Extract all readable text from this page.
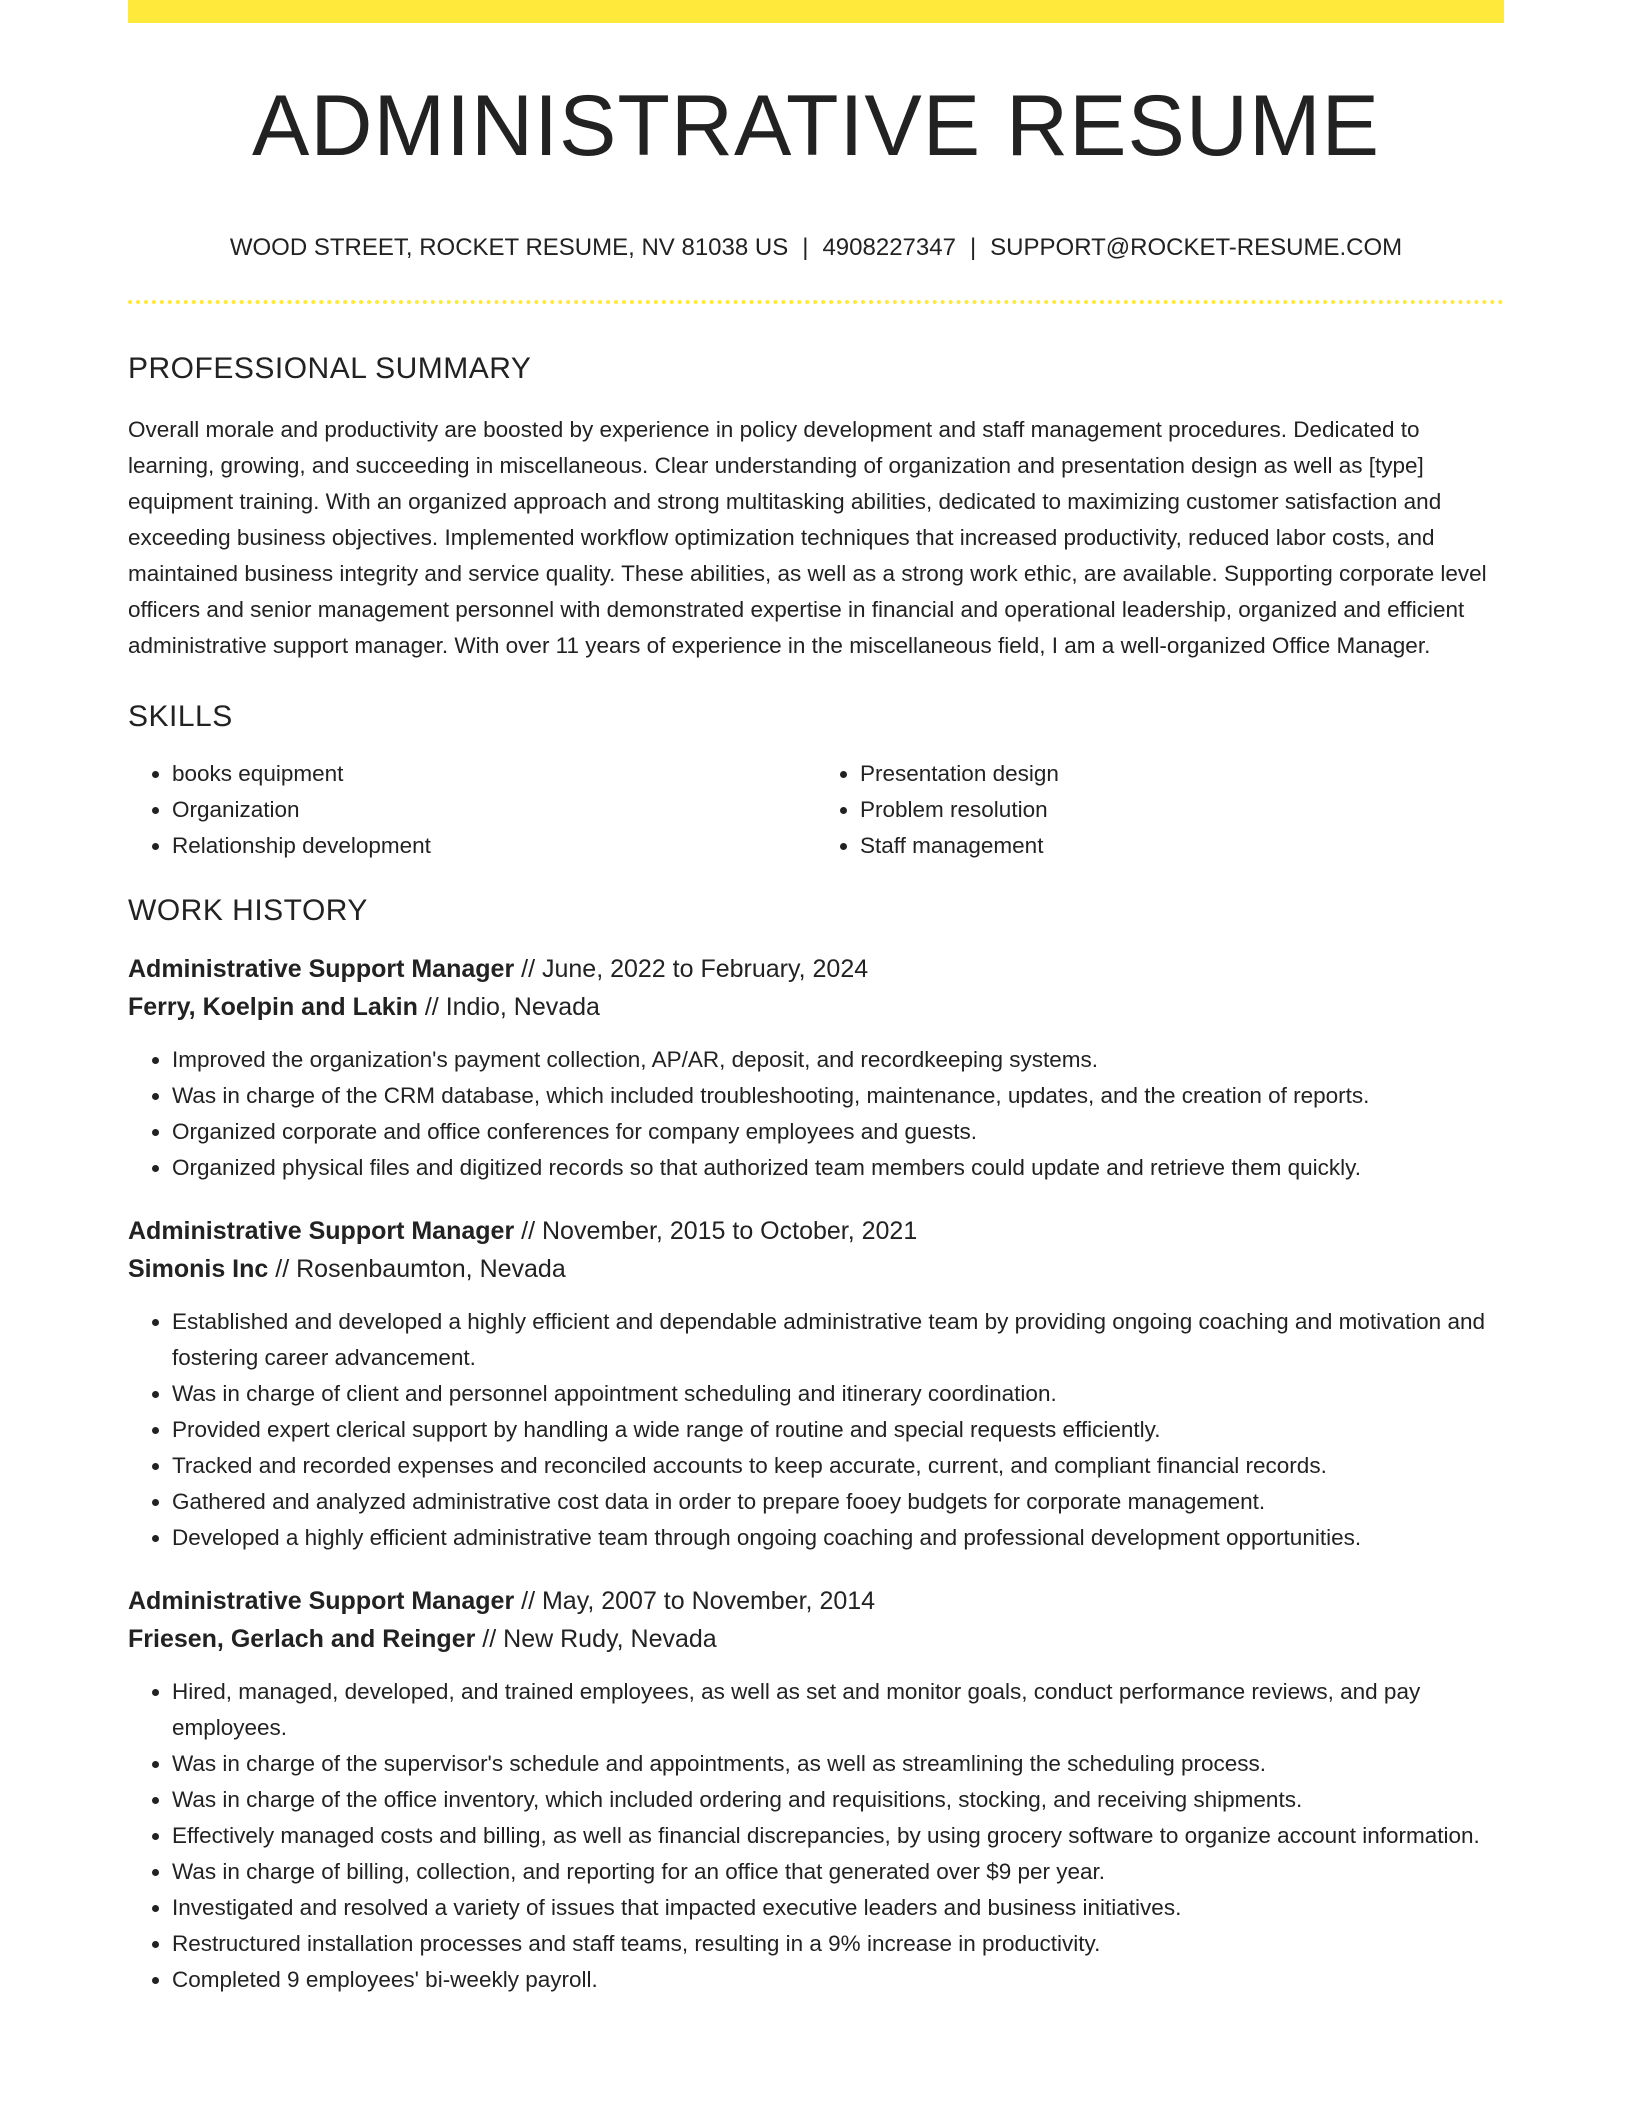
ADMINISTRATIVE RESUME
WOOD STREET, ROCKET RESUME, NV 81038 US | 4908227347 | SUPPORT@ROCKET-RESUME.COM
PROFESSIONAL SUMMARY

Overall morale and productivity are boosted by experience in policy development and staff management procedures. Dedicated to learning, growing, and succeeding in miscellaneous. Clear understanding of organization and presentation design as well as [type] equipment training. With an organized approach and strong multitasking abilities, dedicated to maximizing customer satisfaction and exceeding business objectives. Implemented workflow optimization techniques that increased productivity, reduced labor costs, and maintained business integrity and service quality. These abilities, as well as a strong work ethic, are available. Supporting corporate level officers and senior management personnel with demonstrated expertise in financial and operational leadership, organized and efficient administrative support manager. With over 11 years of experience in the miscellaneous field, I am a well-organized Office Manager.

SKILLS
• books equipment
• Organization
• Relationship development
• Presentation design
• Problem resolution
• Staff management
WORK HISTORY
Administrative Support Manager // June, 2022 to February, 2024
Ferry, Koelpin and Lakin // Indio, Nevada
• Improved the organization's payment collection, AP/AR, deposit, and recordkeeping systems.
• Was in charge of the CRM database, which included troubleshooting, maintenance, updates, and the creation of reports.
• Organized corporate and office conferences for company employees and guests.
• Organized physical files and digitized records so that authorized team members could update and retrieve them quickly.
Administrative Support Manager // November, 2015 to October, 2021
Simonis Inc // Rosenbaumton, Nevada
• Established and developed a highly efficient and dependable administrative team by providing ongoing coaching and motivation and fostering career advancement.
• Was in charge of client and personnel appointment scheduling and itinerary coordination.
• Provided expert clerical support by handling a wide range of routine and special requests efficiently.
• Tracked and recorded expenses and reconciled accounts to keep accurate, current, and compliant financial records.
• Gathered and analyzed administrative cost data in order to prepare fooey budgets for corporate management.
• Developed a highly efficient administrative team through ongoing coaching and professional development opportunities.
Administrative Support Manager // May, 2007 to November, 2014
Friesen, Gerlach and Reinger // New Rudy, Nevada
• Hired, managed, developed, and trained employees, as well as set and monitor goals, conduct performance reviews, and pay employees.
• Was in charge of the supervisor's schedule and appointments, as well as streamlining the scheduling process.
• Was in charge of the office inventory, which included ordering and requisitions, stocking, and receiving shipments.
• Effectively managed costs and billing, as well as financial discrepancies, by using grocery software to organize account information.
• Was in charge of billing, collection, and reporting for an office that generated over $9 per year.
• Investigated and resolved a variety of issues that impacted executive leaders and business initiatives.
• Restructured installation processes and staff teams, resulting in a 9% increase in productivity.
• Completed 9 employees' bi-weekly payroll.
